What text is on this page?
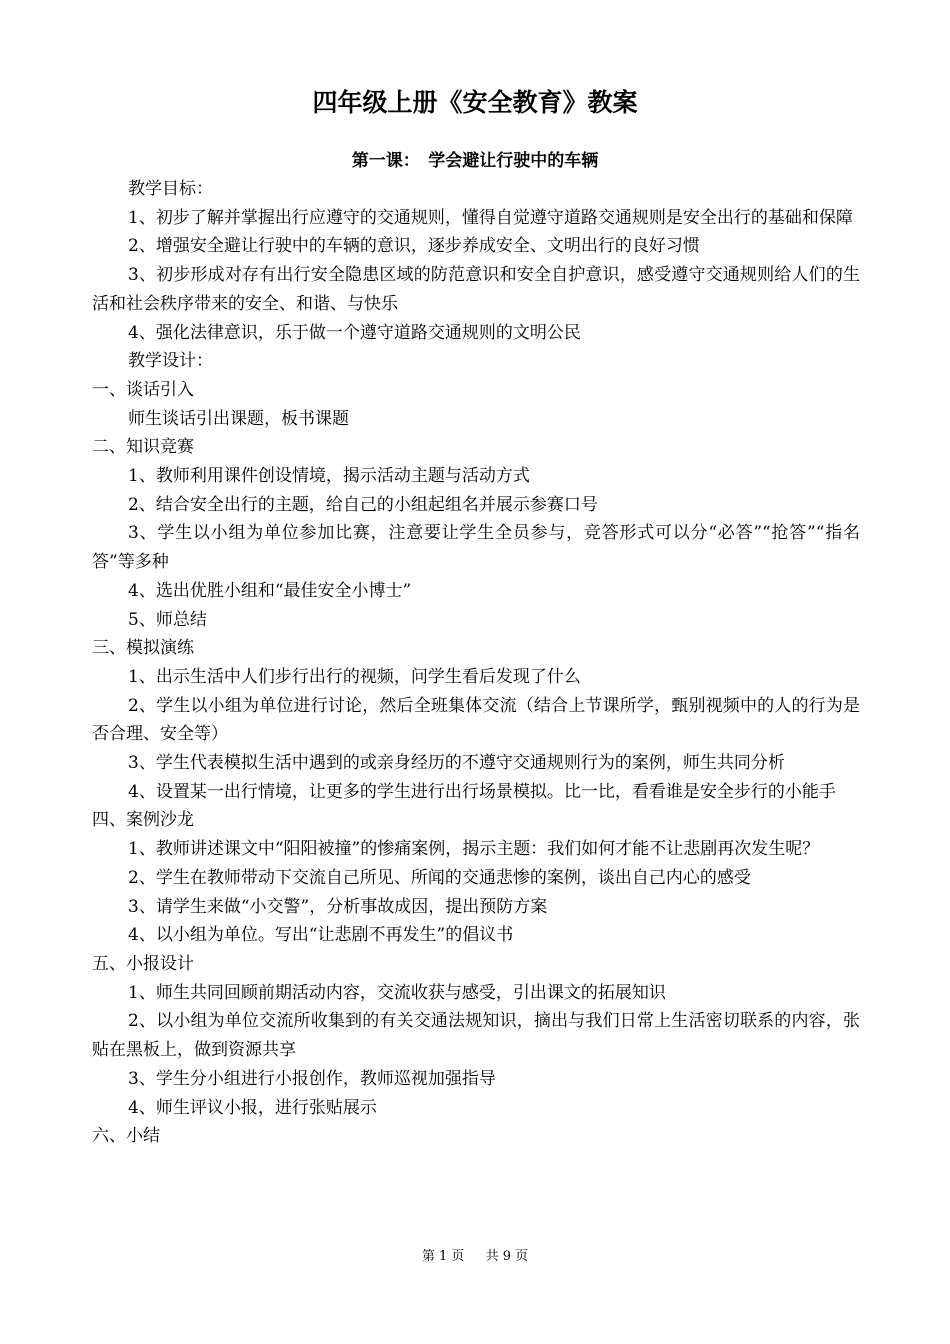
四年级上册《安全教育》教案
第一课：　学会避让行驶中的车辆

教学目标：

1、初步了解并掌握出行应遵守的交通规则，懂得自觉遵守道路交通规则是安全出行的基础和保障

2、增强安全避让行驶中的车辆的意识，逐步养成安全、文明出行的良好习惯

3、初步形成对存有出行安全隐患区域的防范意识和安全自护意识，感受遵守交通规则给人们的生活和社会秩序带来的安全、和谐、与快乐

4、强化法律意识，乐于做一个遵守道路交通规则的文明公民

教学设计：

一、谈话引入

师生谈话引出课题，板书课题

二、知识竞赛

1、教师利用课件创设情境，揭示活动主题与活动方式

2、结合安全出行的主题，给自己的小组起组名并展示参赛口号

3、学生以小组为单位参加比赛，注意要让学生全员参与，竞答形式可以分“必答”“抢答”“指名答”等多种

4、选出优胜小组和“最佳安全小博士”

5、师总结

三、模拟演练

1、出示生活中人们步行出行的视频，问学生看后发现了什么

2、学生以小组为单位进行讨论，然后全班集体交流（结合上节课所学，甄别视频中的人的行为是否合理、安全等）

3、学生代表模拟生活中遇到的或亲身经历的不遵守交通规则行为的案例，师生共同分析

4、设置某一出行情境，让更多的学生进行出行场景模拟。比一比，看看谁是安全步行的小能手

四、案例沙龙

1、教师讲述课文中“阳阳被撞”的惨痛案例，揭示主题：我们如何才能不让悲剧再次发生呢？

2、学生在教师带动下交流自己所见、所闻的交通悲惨的案例，谈出自己内心的感受

3、请学生来做“小交警”，分析事故成因，提出预防方案

4、以小组为单位。写出“让悲剧不再发生”的倡议书

五、小报设计

1、师生共同回顾前期活动内容，交流收获与感受，引出课文的拓展知识

2、以小组为单位交流所收集到的有关交通法规知识，摘出与我们日常上生活密切联系的内容，张贴在黑板上，做到资源共享

3、学生分小组进行小报创作，教师巡视加强指导

4、师生评议小报，进行张贴展示

六、小结

第 1 页　  共 9 页
